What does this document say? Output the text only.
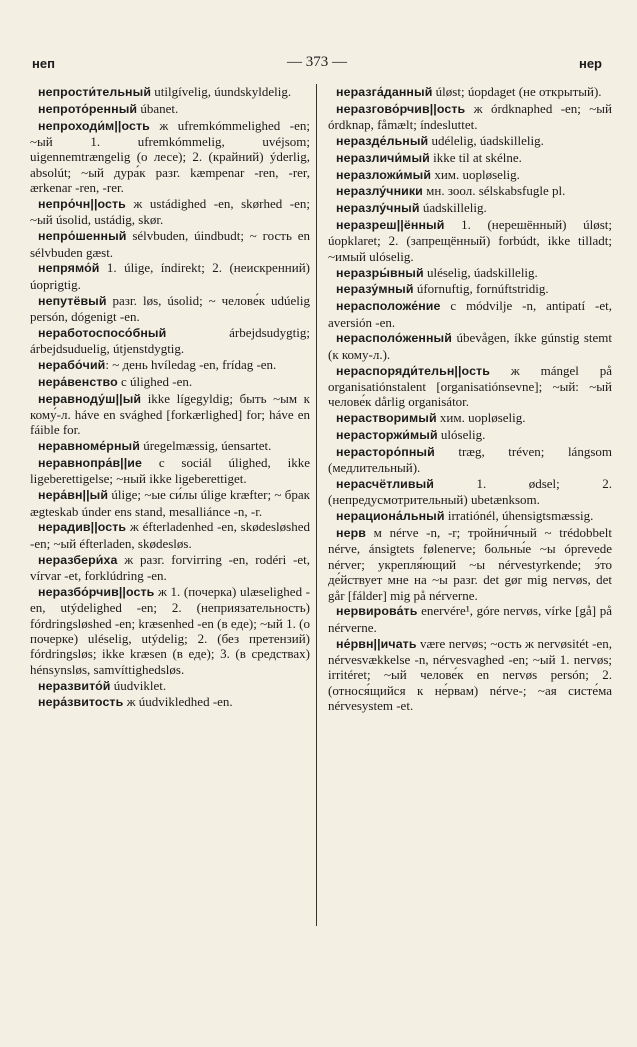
неп	— 373 —	нер
непрости́тельный utilgívelig, úundskyldelig.
непрото́ренный úbanet.
непроходи́м||ость ж ufremkómmelighed -en; ~ый 1. ufremkómmelig, uvéjsom; uigennemtrængelig (о лесе); 2. (крайний) ýderlig, absolút; ~ый дура́к разг. kæmpenar -ren, -rer, ærkenar -ren, -rer.
непро́чн||ость ж ustádighed -en, skørhed -en; ~ый úsolid, ustádig, skør.
непро́шенный sélvbuden, úindbudt; ~ гость en sélvbuden gæst.
непрямо́й 1. úlige, índirekt; 2. (неискренний) úoprigtig.
непутёвый разг. løs, úsolid; ~ челове́к udúelig persón, dógenigt -en.
неработоспосо́бный árbejdsudygtig; árbejdsuduelig, útjenstdygtig.
нерабо́чий: ~ день hvíledag -en, frídag -en.
нера́венство с úlighed -en.
неравноду́ш||ый ikke lígegyldig; быть ~ым к кому́-л. háve en svághed [forkærlighed] for; háve en fáible for.
неравноме́рный úregelmæssig, úensartet.
неравнопра́в||ие с sociál úlighed, ikke ligeberettigelse; ~ный ikke ligeberettiget.
нера́вн||ый úlige; ~ые си́лы úlige kræfter; ~ брак ægteskab únder ens stand, mesalliánce -n, -r.
нерадив||ость ж éfterladenhed -en, skødesløshed -en; ~ый éfterladen, skødesløs.
неразбери́ха ж разг. forvirring -en, rodéri -et, vírvar -et, forklúdring -en.
неразбо́рчив||ость ж 1. (почерка) ulæselighed -en, utýdelighed -en; 2. (неприязательность) fórdringsløshed -en; kræsenhed -en (в еде); ~ый 1. (о почерке) uléselig, utýdelig; 2. (без претензий) fórdringsløs; ikke kræsen (в еде); 3. (в средствах) hénsynsløs, samvíttighedsløs.
неразвито́й úudviklet.
нера́звитость ж úudvikledhed -en.
неразга́данный úløst; úopdaget (не открытый).
неразгово́рчив||ость ж órdknaphed -en; ~ый órdknap, fåmælt; índesluttet.
неразде́льный udélelig, úadskillelig.
неразличи́мый ikke til at skélne.
неразложи́мый хим. uopløselig.
неразлу́чники мн. зоол. sélskabsfugle pl.
неразлу́чный úadskillelig.
неразреш||ённый 1. (нерешённый) úløst; úopklaret; 2. (запрещённый) forbúdt, ikke tilladt; ~имый ulóselig.
неразры́вный uléselig, úadskillelig.
неразу́мный úfornuftig, fornúftstridig.
нерасположе́ние с módvilje -n, antipatí -et, aversión -en.
нерасполо́женный úbevågen, íkke gúnstig stemt (к кому-л.).
нераспоряди́тельн||ость ж mángel på organisatiónstalent [organisatiónsevne]; ~ый: ~ый челове́к dårlig organisátor.
нерастворимый хим. uopløselig.
нерасторжи́мый ulóselig.
нерасторо́пный træg, tréven; lángsom (медлительный).
нерасчётливый 1. ødsel; 2. (непредусмотрительный) ubetænksom.
нерациона́льный irratiónél, úhensigtsmæssig.
нерв м nérve -n, -r; тройни́чный ~ trédobbelt nérve, ánsigtets følenerve; больны́е ~ы óprevede nérver; укрепля́ющий ~ы nérvestyrkende; э́то де́йствует мне на ~ы разг. det gør mig nervøs, det går [fálder] mig på nérverne.
нервирова́ть enervére¹, góre nervøs, vírke [gå] på nérverne.
не́рвн||ичать være nervøs; ~ость ж nervøsitét -en, nérvesvækkelse -n, nérvesvaghed -en; ~ый 1. nervøs; irritéret; ~ый челове́к en nervøs persón; 2. (относя́щийся к не́рвам) nérve-; ~ая систе́ма nérvesystem -et.
